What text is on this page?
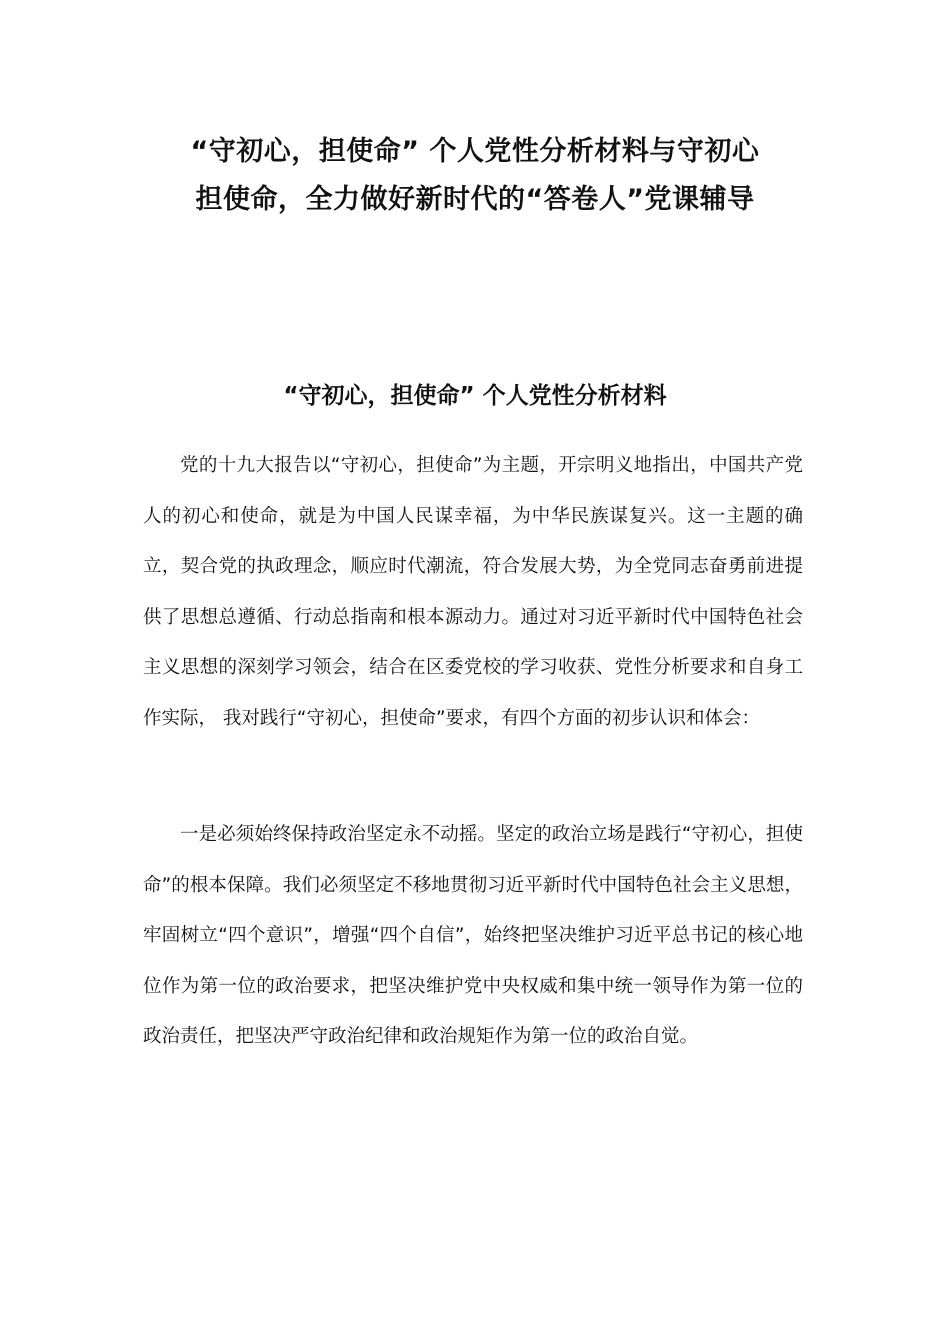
“守初心，担使命” 个人党性分析材料与守初心
担使命，全力做好新时代的“答卷人”党课辅导
“守初心，担使命” 个人党性分析材料

党的十九大报告以“守初心，担使命”为主题，开宗明义地指出，中国共产党人的初心和使命，就是为中国人民谋幸福，为中华民族谋复兴。这一主题的确立，契合党的执政理念，顺应时代潮流，符合发展大势，为全党同志奋勇前进提供了思想总遵循、行动总指南和根本源动力。通过对习近平新时代中国特色社会主义思想的深刻学习领会，结合在区委党校的学习收获、党性分析要求和自身工作实际， 我对践行“守初心，担使命”要求，有四个方面的初步认识和体会：

一是必须始终保持政治坚定永不动摇。坚定的政治立场是践行“守初心，担使命”的根本保障。我们必须坚定不移地贯彻习近平新时代中国特色社会主义思想，牢固树立“四个意识”，增强“四个自信”，始终把坚决维护习近平总书记的核心地位作为第一位的政治要求，把坚决维护党中央权威和集中统一领导作为第一位的政治责任，把坚决严守政治纪律和政治规矩作为第一位的政治自觉。
